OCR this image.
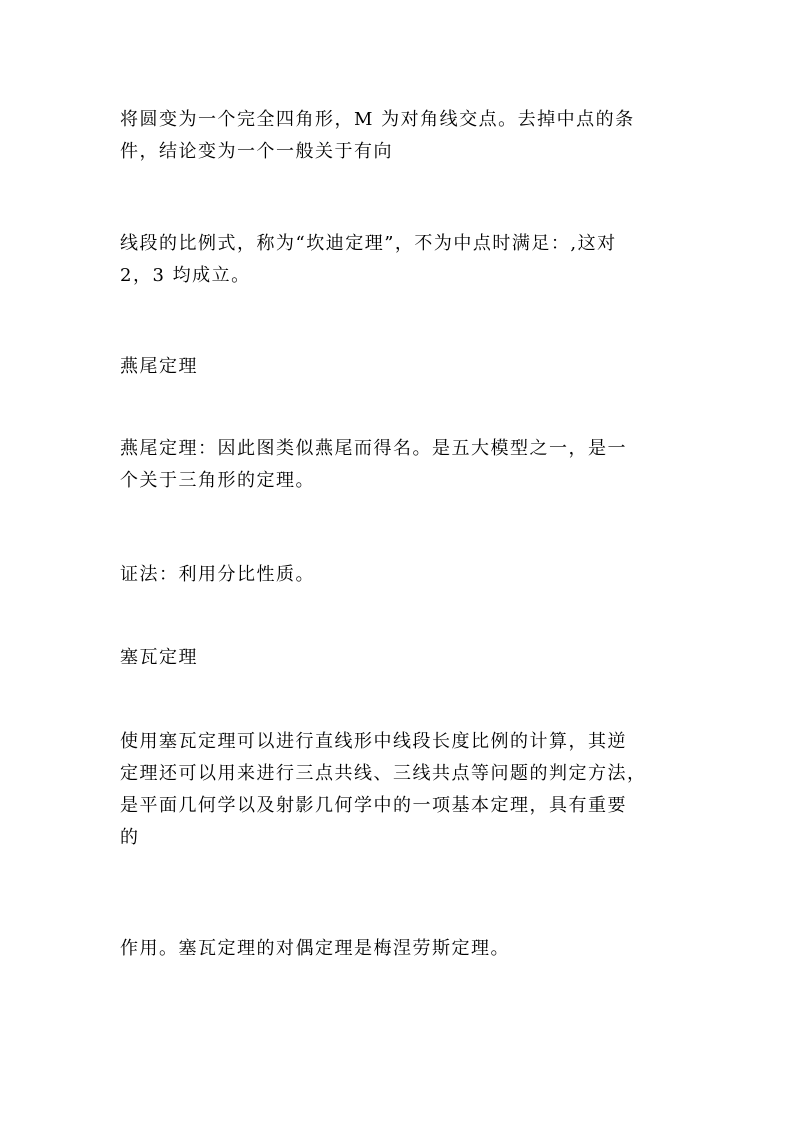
将圆变为一个完全四角形，M 为对角线交点。去掉中点的条
件，结论变为一个一般关于有向

线段的比例式，称为“坎迪定理”，不为中点时满足：,这对
2，3 均成立。

燕尾定理

燕尾定理：因此图类似燕尾而得名。是五大模型之一，是一
个关于三角形的定理。

证法：利用分比性质。

塞瓦定理

使用塞瓦定理可以进行直线形中线段长度比例的计算，其逆
定理还可以用来进行三点共线、三线共点等问题的判定方法，
是平面几何学以及射影几何学中的一项基本定理，具有重要
的

作用。塞瓦定理的对偶定理是梅涅劳斯定理。
